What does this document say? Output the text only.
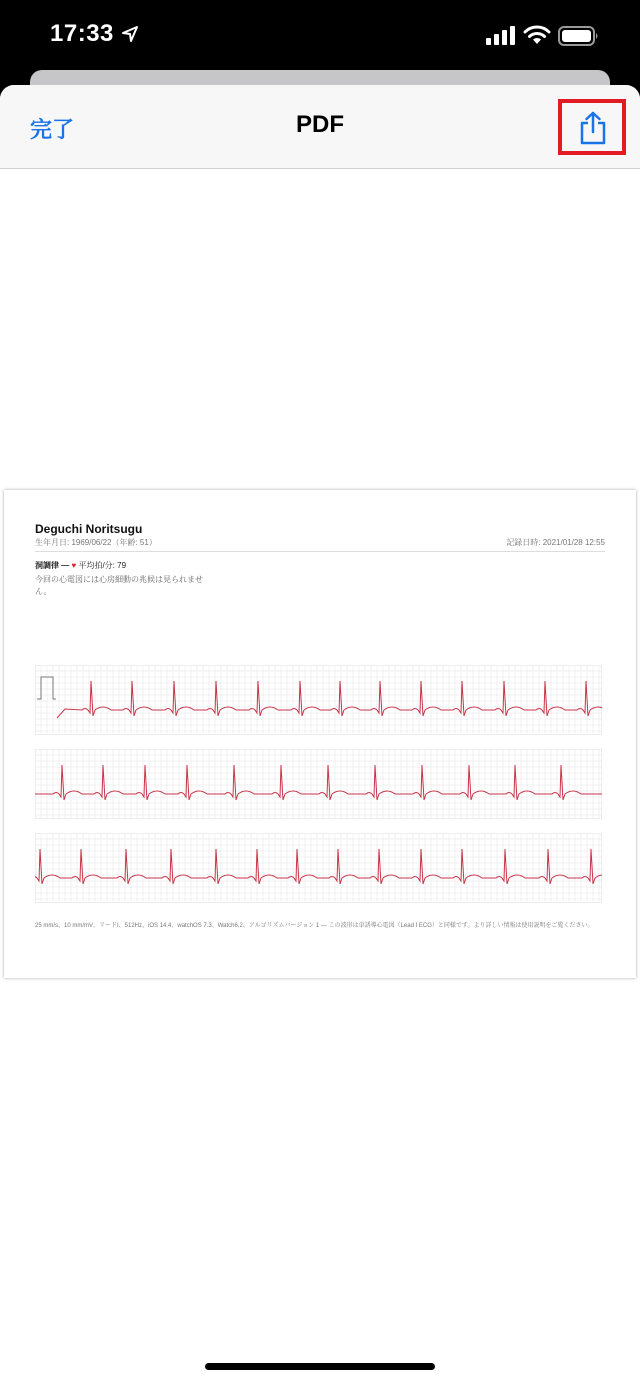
17:33
完了	PDF
Deguchi Noritsugu
生年月日: 1969/06/22（年齢: 51）	記録日時: 2021/01/28 12:55
洞調律 — ♥ 平均拍/分: 79
今回の心電図には心房細動の兆候は見られません。
25 mm/s、10 mm/mV、リードI、512Hz、iOS 14.4、watchOS 7.3、Watch6,2、アルゴリズムバージョン 1 — この波形は単誘導心電図（Lead I ECG）と同様です。より詳しい情報は使用説明をご覧ください。
